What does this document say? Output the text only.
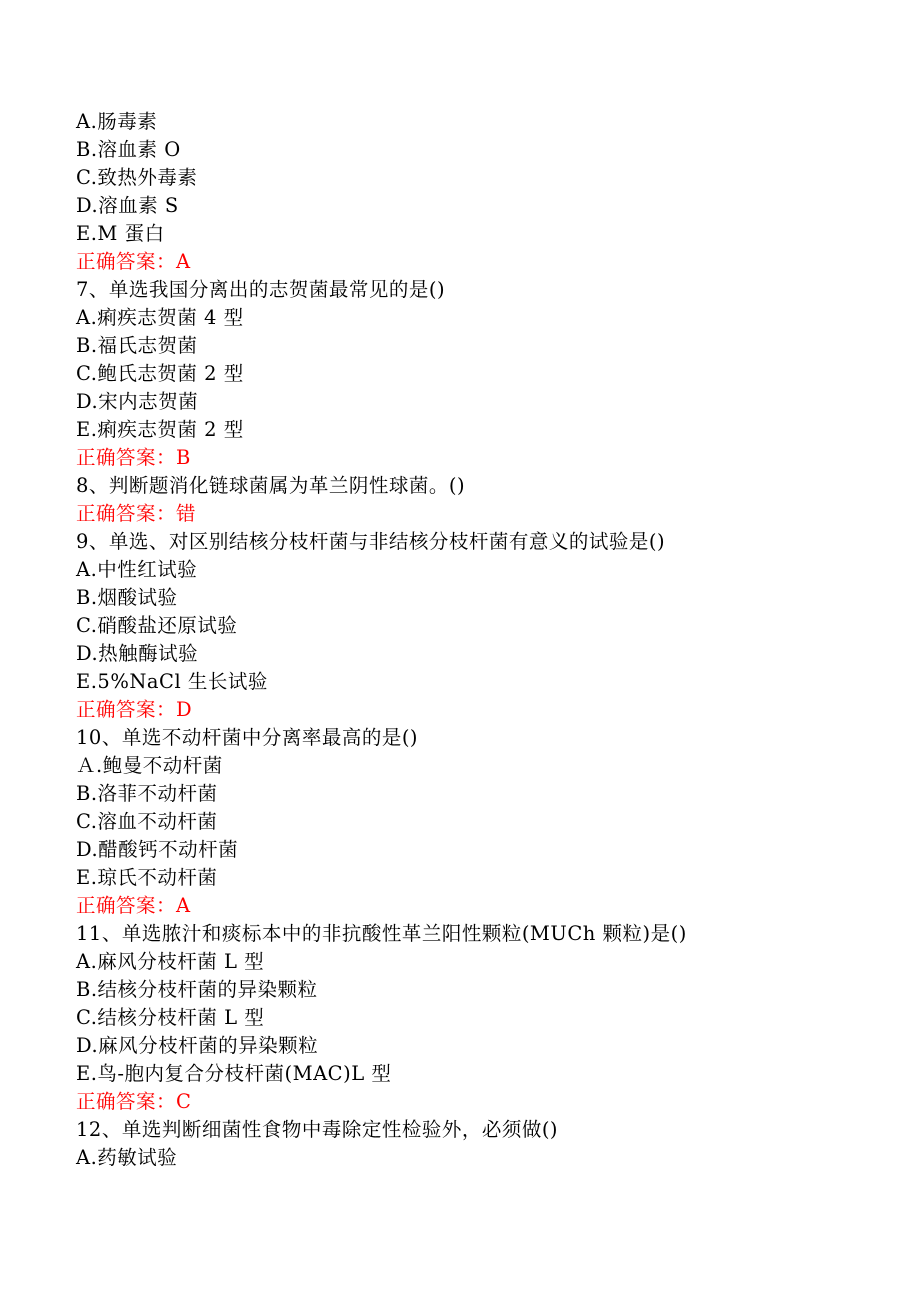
A.肠毒素
B.溶血素 O
C.致热外毒素
D.溶血素 S
E.M 蛋白
正确答案：A
7、单选我国分离出的志贺菌最常见的是()
A.痢疾志贺菌 4 型
B.福氏志贺菌
C.鲍氏志贺菌 2 型
D.宋内志贺菌
E.痢疾志贺菌 2 型
正确答案：B
8、判断题消化链球菌属为革兰阴性球菌。()
正确答案：错
9、单选、对区别结核分枝杆菌与非结核分枝杆菌有意义的试验是()
A.中性红试验
B.烟酸试验
C.硝酸盐还原试验
D.热触酶试验
E.5%NaCl 生长试验
正确答案：D
10、单选不动杆菌中分离率最高的是()
Ａ.鲍曼不动杆菌
B.洛菲不动杆菌
C.溶血不动杆菌
D.醋酸钙不动杆菌
E.琼氏不动杆菌
正确答案：A
11、单选脓汁和痰标本中的非抗酸性革兰阳性颗粒(MUCh 颗粒)是()
A.麻风分枝杆菌 L 型
B.结核分枝杆菌的异染颗粒
C.结核分枝杆菌 L 型
D.麻风分枝杆菌的异染颗粒
E.鸟-胞内复合分枝杆菌(MAC)L 型
正确答案：C
12、单选判断细菌性食物中毒除定性检验外，必须做()
A.药敏试验
